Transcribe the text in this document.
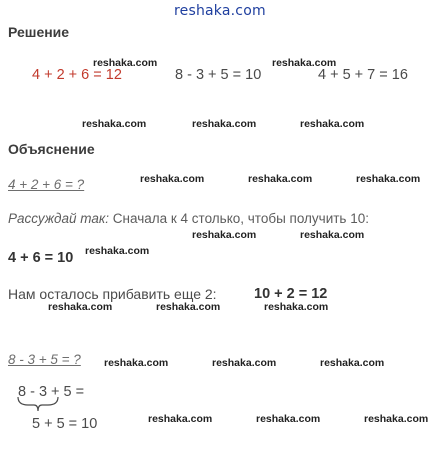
reshaka.com
Решение
reshaka.com	reshaka.com
4 + 2 + 6 = 12	8 - 3 + 5 = 10	4 + 5 + 7 = 16
reshaka.com	reshaka.com	reshaka.com
Объяснение
4 + 2 + 6 = ?	reshaka.com	reshaka.com	reshaka.com
Рассуждай так: Сначала к 4 столько, чтобы получить 10:
reshaka.com	reshaka.com
4 + 6 = 10 reshaka.com
Нам осталось прибавить еще 2:	10 + 2 = 12
reshaka.com	reshaka.com	reshaka.com
8 - 3 + 5 = ? reshaka.com	reshaka.com	reshaka.com
8 - 3 + 5 =
5 + 5 = 10	reshaka.com	reshaka.com	reshaka.com
